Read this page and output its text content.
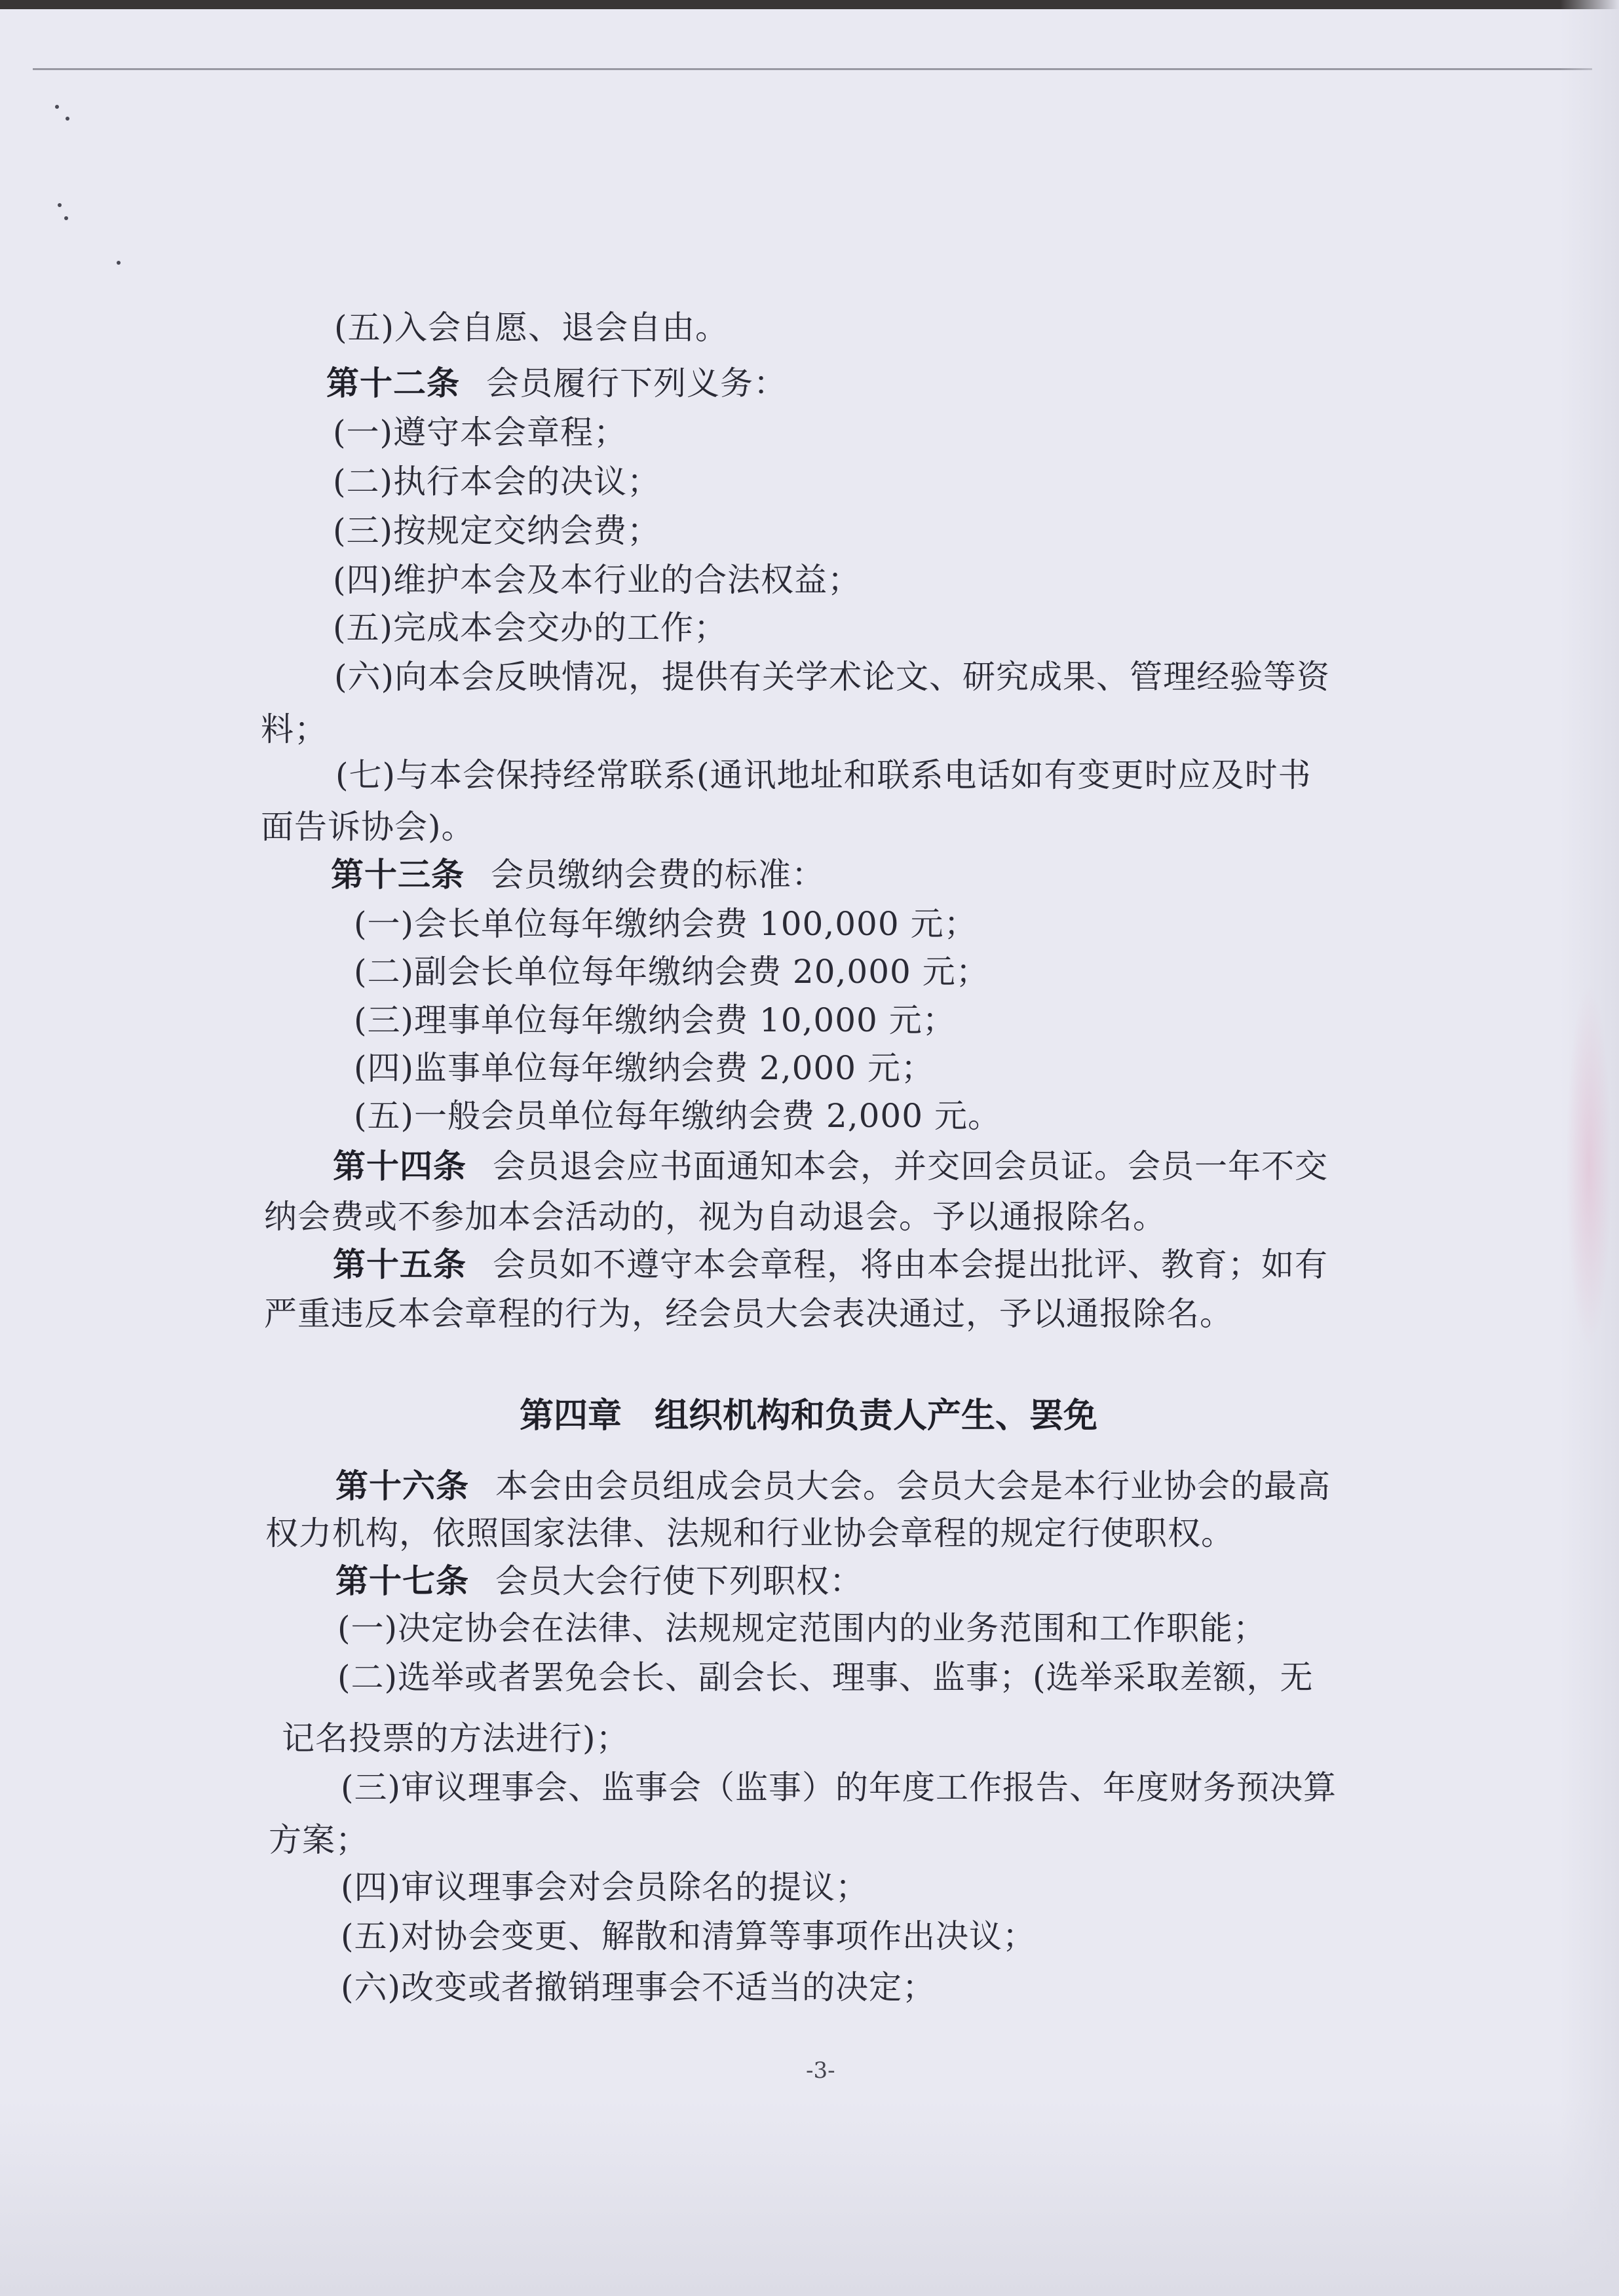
(五)入会自愿、退会自由。
第十二条 会员履行下列义务：
(一)遵守本会章程；
(二)执行本会的决议；
(三)按规定交纳会费；
(四)维护本会及本行业的合法权益；
(五)完成本会交办的工作；
(六)向本会反映情况，提供有关学术论文、研究成果、管理经验等资
料；
(七)与本会保持经常联系(通讯地址和联系电话如有变更时应及时书
面告诉协会)。
第十三条 会员缴纳会费的标准：
(一)会长单位每年缴纳会费 100,000 元；
(二)副会长单位每年缴纳会费 20,000 元；
(三)理事单位每年缴纳会费 10,000 元；
(四)监事单位每年缴纳会费 2,000 元；
(五)一般会员单位每年缴纳会费 2,000 元。
第十四条 会员退会应书面通知本会，并交回会员证。会员一年不交
纳会费或不参加本会活动的，视为自动退会。予以通报除名。
第十五条 会员如不遵守本会章程，将由本会提出批评、教育；如有
严重违反本会章程的行为，经会员大会表决通过，予以通报除名。
第四章 组织机构和负责人产生、罢免
第十六条 本会由会员组成会员大会。会员大会是本行业协会的最高
权力机构，依照国家法律、法规和行业协会章程的规定行使职权。
第十七条 会员大会行使下列职权：
(一)决定协会在法律、法规规定范围内的业务范围和工作职能；
(二)选举或者罢免会长、副会长、理事、监事；(选举采取差额，无
记名投票的方法进行)；
(三)审议理事会、监事会（监事）的年度工作报告、年度财务预决算
方案；
(四)审议理事会对会员除名的提议；
(五)对协会变更、解散和清算等事项作出决议；
(六)改变或者撤销理事会不适当的决定；
-3-
